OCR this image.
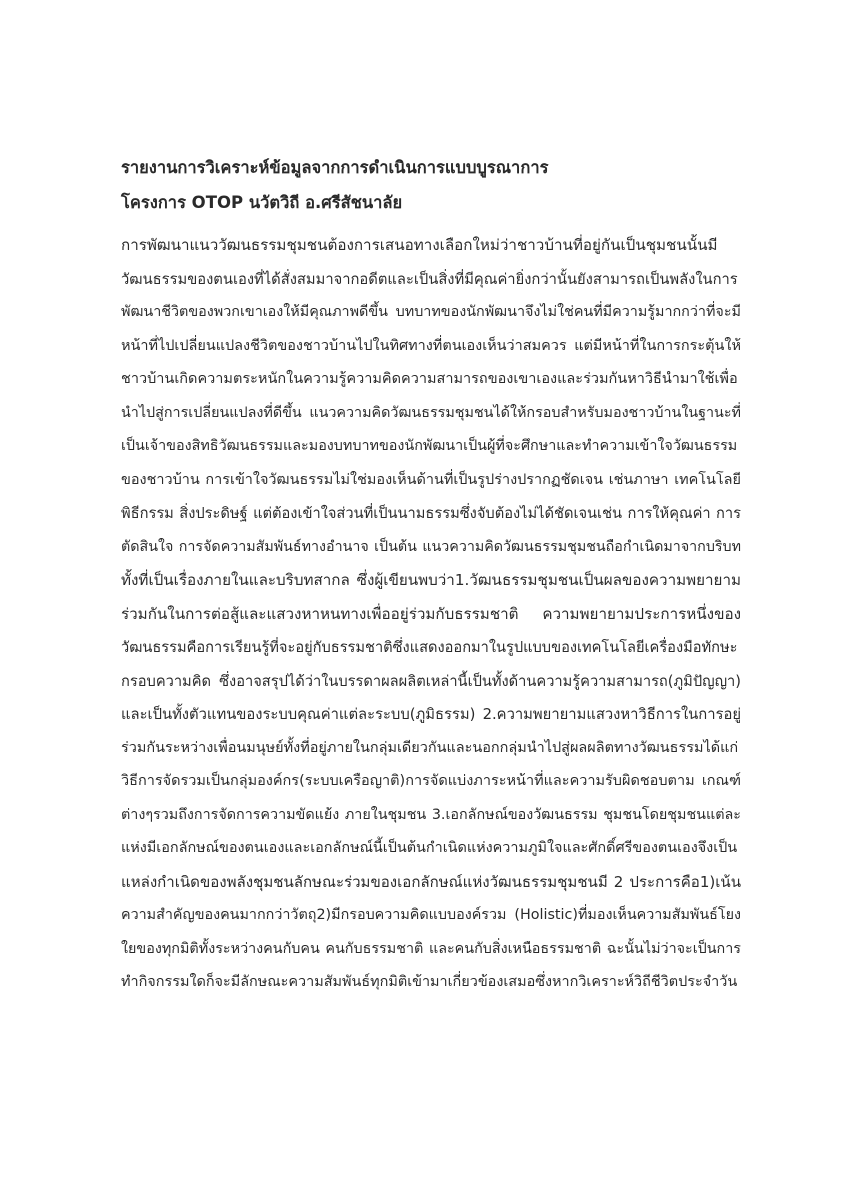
รายงานการวิเคราะห์ข้อมูลจากการดำเนินการแบบบูรณาการ

โครงการ OTOP นวัตวิถี อ.ศรีสัชนาลัย

การพัฒนาแนววัฒนธรรมชุมชนต้องการเสนอทางเลือกใหม่ว่าชาวบ้านที่อยู่กันเป็นชุมชนนั้นมี

วัฒนธรรมของตนเองที่ได้สั่งสมมาจากอดีตและเป็นสิ่งที่มีคุณค่ายิ่งกว่านั้นยังสามารถเป็นพลังในการ

พัฒนาชีวิตของพวกเขาเองให้มีคุณภาพดีขึ้น บทบาทของนักพัฒนาจึงไม่ใช่คนที่มีความรู้มากกว่าที่จะมี

หน้าที่ไปเปลี่ยนแปลงชีวิตของชาวบ้านไปในทิศทางที่ตนเองเห็นว่าสมควร แต่มีหน้าที่ในการกระตุ้นให้

ชาวบ้านเกิดความตระหนักในความรู้ความคิดความสามารถของเขาเองและร่วมกันหาวิธีนำมาใช้เพื่อ

นำไปสู่การเปลี่ยนแปลงที่ดีขึ้น แนวความคิดวัฒนธรรมชุมชนได้ให้กรอบสำหรับมองชาวบ้านในฐานะที่

เป็นเจ้าของสิทธิวัฒนธรรมและมองบทบาทของนักพัฒนาเป็นผู้ที่จะศึกษาและทำความเข้าใจวัฒนธรรม

ของชาวบ้าน การเข้าใจวัฒนธรรมไม่ใช่มองเห็นด้านที่เป็นรูปร่างปรากฏชัดเจน เช่นภาษา เทคโนโลยี

พิธีกรรม สิ่งประดิษฐ์ แต่ต้องเข้าใจส่วนที่เป็นนามธรรมซึ่งจับต้องไม่ได้ชัดเจนเช่น การให้คุณค่า การ

ตัดสินใจ การจัดความสัมพันธ์ทางอำนาจ เป็นต้น แนวความคิดวัฒนธรรมชุมชนถือกำเนิดมาจากบริบท

ทั้งที่เป็นเรื่องภายในและบริบทสากล ซึ่งผู้เขียนพบว่า1.วัฒนธรรมชุมชนเป็นผลของความพยายาม

ร่วมกันในการต่อสู้และแสวงหาหนทางเพื่ออยู่ร่วมกับธรรมชาติ ความพยายามประการหนึ่งของ

วัฒนธรรมคือการเรียนรู้ที่จะอยู่กับธรรมชาติซึ่งแสดงออกมาในรูปแบบของเทคโนโลยีเครื่องมือทักษะ

กรอบความคิด ซึ่งอาจสรุปได้ว่าในบรรดาผลผลิตเหล่านี้เป็นทั้งด้านความรู้ความสามารถ(ภูมิปัญญา)

และเป็นทั้งตัวแทนของระบบคุณค่าแต่ละระบบ(ภูมิธรรม) 2.ความพยายามแสวงหาวิธีการในการอยู่

ร่วมกันระหว่างเพื่อนมนุษย์ทั้งที่อยู่ภายในกลุ่มเดียวกันและนอกกลุ่มนำไปสู่ผลผลิตทางวัฒนธรรมได้แก่

วิธีการจัดรวมเป็นกลุ่มองค์กร(ระบบเครือญาติ)การจัดแบ่งภาระหน้าที่และความรับผิดชอบตาม เกณฑ์

ต่างๆรวมถึงการจัดการความขัดแย้ง ภายในชุมชน 3.เอกลักษณ์ของวัฒนธรรม ชุมชนโดยชุมชนแต่ละ

แห่งมีเอกลักษณ์ของตนเองและเอกลักษณ์นี้เป็นต้นกำเนิดแห่งความภูมิใจและศักดิ์ศรีของตนเองจึงเป็น

แหล่งกำเนิดของพลังชุมชนลักษณะร่วมของเอกลักษณ์แห่งวัฒนธรรมชุมชนมี 2 ประการคือ1)เน้น

ความสำคัญของคนมากกว่าวัตถุ2)มีกรอบความคิดแบบองค์รวม (Holistic)ที่มองเห็นความสัมพันธ์โยง

ใยของทุกมิติทั้งระหว่างคนกับคน คนกับธรรมชาติ และคนกับสิ่งเหนือธรรมชาติ ฉะนั้นไม่ว่าจะเป็นการ

ทำกิจกรรมใดก็จะมีลักษณะความสัมพันธ์ทุกมิติเข้ามาเกี่ยวข้องเสมอซึ่งหากวิเคราะห์วิถีชีวิตประจำวัน
